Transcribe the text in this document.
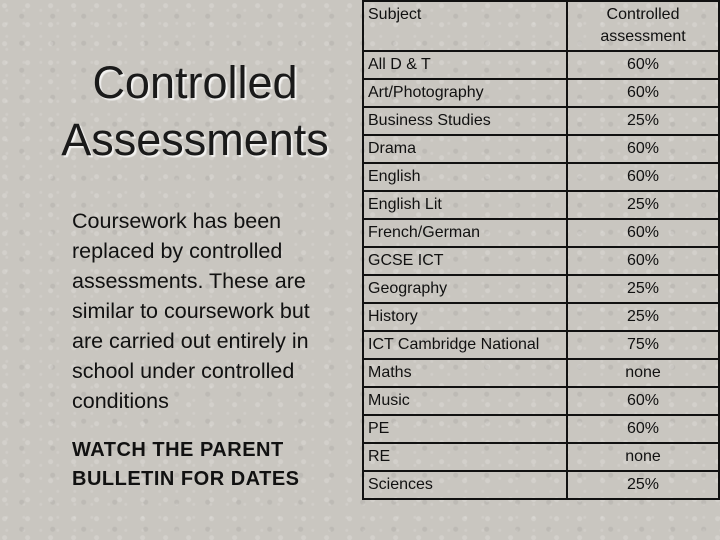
Controlled
Assessments
Coursework has been replaced by controlled assessments. These are similar to coursework but are carried out entirely in school under controlled conditions
WATCH THE PARENT
BULLETIN FOR DATES
Subject	Controlled assessment
All D & T	60%
Art/Photography	60%
Business Studies	25%
Drama	60%
English	60%
English Lit	25%
French/German	60%
GCSE ICT	60%
Geography	25%
History	25%
ICT Cambridge National	75%
Maths	none
Music	60%
PE	60%
RE	none
Sciences	25%
